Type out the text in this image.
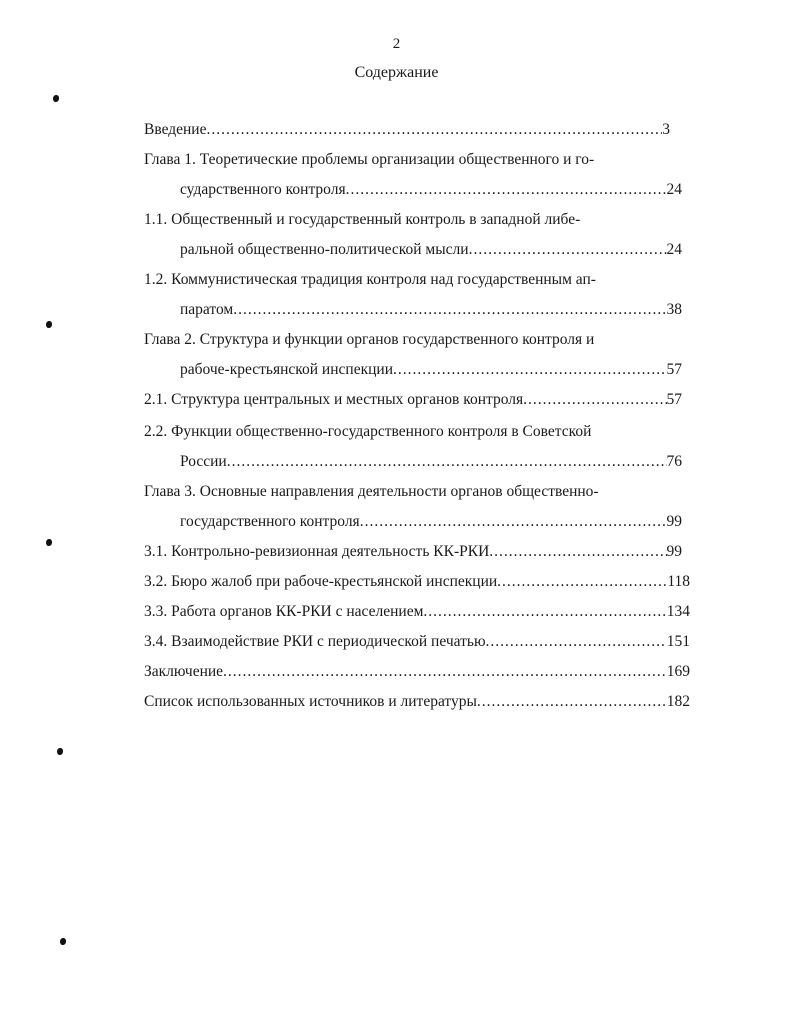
2
Содержание
Введение .....	3
Глава 1. Теоретические проблемы организации общественного и го-
сударственного контроля .....	24
1.1. Общественный и государственный контроль в западной либе-
ральной общественно-политической мысли .....	24
1.2. Коммунистическая традиция контроля над государственным ап-
паратом .....	38
Глава 2. Структура и функции органов государственного контроля и
рабоче-крестьянской инспекции .....	57
2.1. Структура центральных и местных органов контроля .....	57
2.2. Функции общественно-государственного контроля в Советской
России .....	76
Глава 3. Основные направления деятельности органов общественно-
государственного контроля .....	99
3.1. Контрольно-ревизионная деятельность КК-РКИ .....	99
3.2. Бюро жалоб при рабоче-крестьянской инспекции .....	118
3.3. Работа органов КК-РКИ с населением .....	134
3.4. Взаимодействие РКИ с периодической печатью .....	151
Заключение .....	169
Список использованных источников и литературы .....	182
